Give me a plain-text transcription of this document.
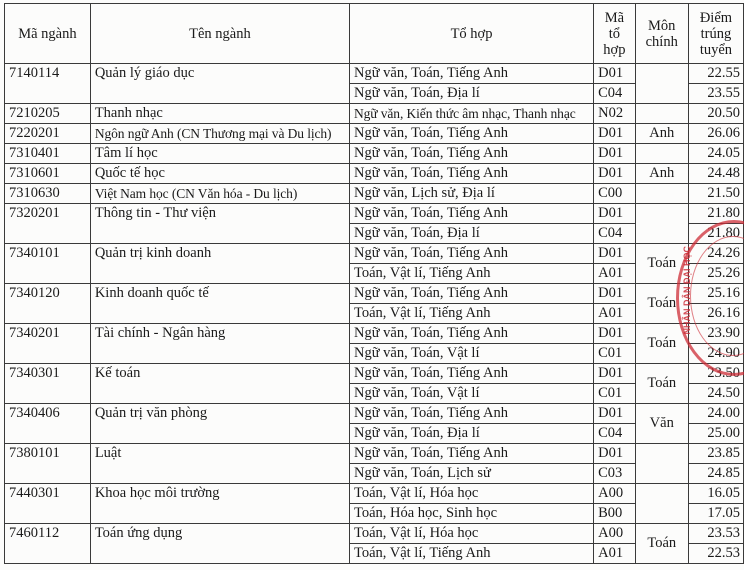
Mã ngành	Tên ngành	Tổ hợp	Mã tổ hợp	Môn chính	Điểm trúng tuyển
7140114	Quản lý giáo dục	Ngữ văn, Toán, Tiếng Anh	D01		22.55
		Ngữ văn, Toán, Địa lí	C04		23.55
7210205	Thanh nhạc	Ngữ văn, Kiến thức âm nhạc, Thanh nhạc	N02		20.50
7220201	Ngôn ngữ Anh (CN Thương mại và Du lịch)	Ngữ văn, Toán, Tiếng Anh	D01	Anh	26.06
7310401	Tâm lí học	Ngữ văn, Toán, Tiếng Anh	D01		24.05
7310601	Quốc tế học	Ngữ văn, Toán, Tiếng Anh	D01	Anh	24.48
7310630	Việt Nam học (CN Văn hóa - Du lịch)	Ngữ văn, Lịch sử, Địa lí	C00		21.50
7320201	Thông tin - Thư viện	Ngữ văn, Toán, Tiếng Anh	D01		21.80
		Ngữ văn, Toán, Địa lí	C04		21.80
7340101	Quản trị kinh doanh	Ngữ văn, Toán, Tiếng Anh	D01	Toán	24.26
		Toán, Vật lí, Tiếng Anh	A01		25.26
7340120	Kinh doanh quốc tế	Ngữ văn, Toán, Tiếng Anh	D01	Toán	25.16
		Toán, Vật lí, Tiếng Anh	A01		26.16
7340201	Tài chính - Ngân hàng	Ngữ văn, Toán, Tiếng Anh	D01	Toán	23.90
		Ngữ văn, Toán, Vật lí	C01		24.90
7340301	Kế toán	Ngữ văn, Toán, Tiếng Anh	D01	Toán	23.50
		Ngữ văn, Toán, Vật lí	C01		24.50
7340406	Quản trị văn phòng	Ngữ văn, Toán, Tiếng Anh	D01	Văn	24.00
		Ngữ văn, Toán, Địa lí	C04		25.00
7380101	Luật	Ngữ văn, Toán, Tiếng Anh	D01		23.85
		Ngữ văn, Toán, Lịch sử	C03		24.85
7440301	Khoa học môi trường	Toán, Vật lí, Hóa học	A00		16.05
		Toán, Hóa học, Sinh học	B00		17.05
7460112	Toán ứng dụng	Toán, Vật lí, Hóa học	A00	Toán	23.53
		Toán, Vật lí, Tiếng Anh	A01		22.53
NHÂN DÂN ĐẠI HỌC
